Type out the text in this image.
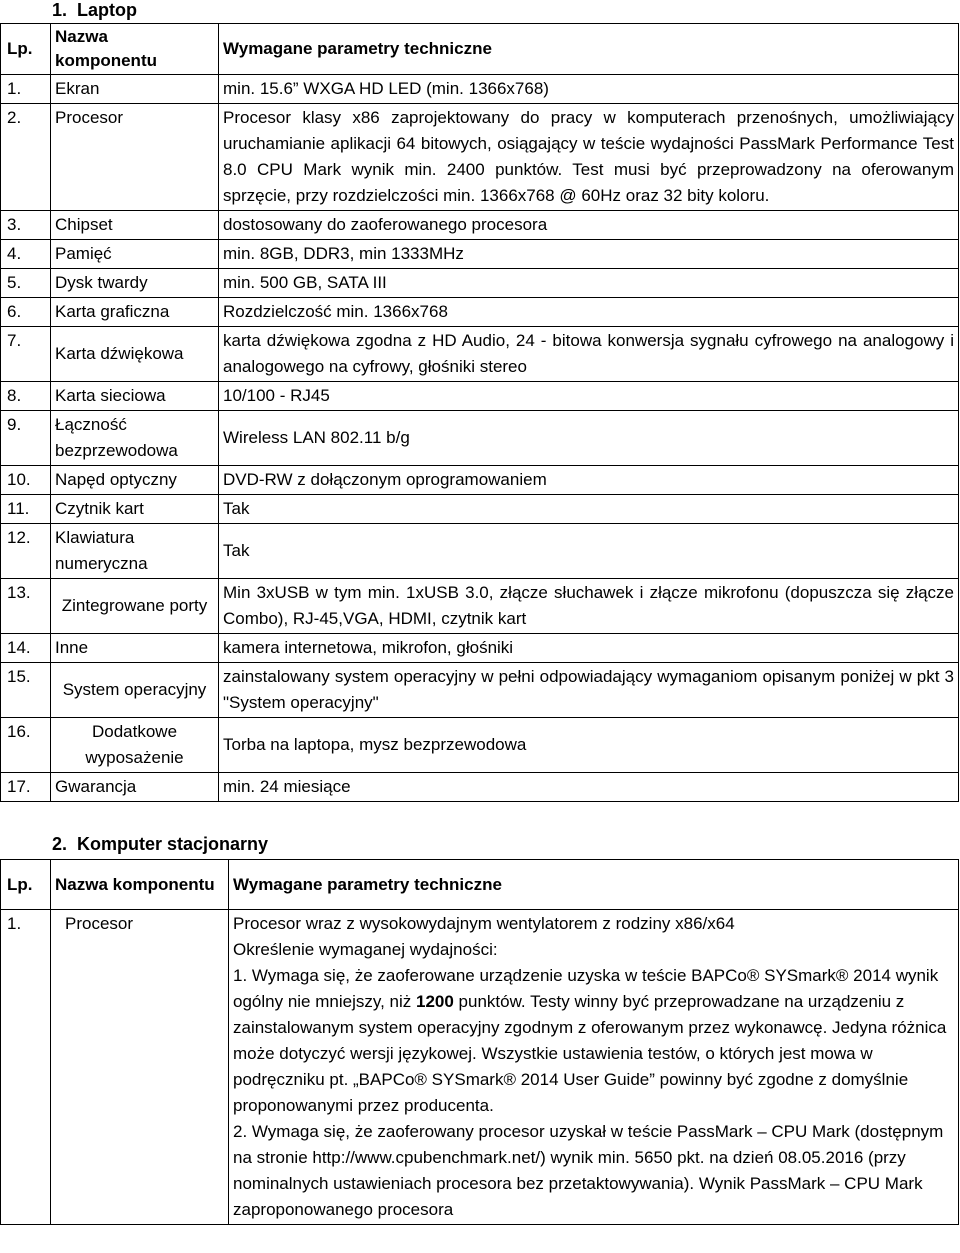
1.  Laptop
Lp.	Nazwa komponentu	Wymagane parametry techniczne
1.	Ekran	min. 15.6” WXGA HD LED (min. 1366x768)
2.	Procesor	Procesor klasy x86 zaprojektowany do pracy w komputerach przenośnych, umożliwiający uruchamianie aplikacji 64 bitowych, osiągający w teście wydajności PassMark Performance Test 8.0 CPU Mark wynik min. 2400 punktów. Test musi być przeprowadzony na oferowanym sprzęcie, przy rozdzielczości min. 1366x768 @ 60Hz oraz 32 bity koloru.
3.	Chipset	dostosowany do zaoferowanego procesora
4.	Pamięć	min. 8GB, DDR3, min 1333MHz
5.	Dysk twardy	min. 500 GB, SATA III
6.	Karta graficzna	Rozdzielczość min. 1366x768
7.	Karta dźwiękowa	karta dźwiękowa zgodna z HD Audio, 24 - bitowa konwersja sygnału cyfrowego na analogowy i analogowego na cyfrowy, głośniki stereo
8.	Karta sieciowa	10/100 - RJ45
9.	Łączność bezprzewodowa	Wireless LAN 802.11 b/g
10.	Napęd optyczny	DVD-RW z dołączonym oprogramowaniem
11.	Czytnik kart	Tak
12.	Klawiatura numeryczna	Tak
13.	Zintegrowane porty	Min 3xUSB w tym min. 1xUSB 3.0, złącze słuchawek i złącze mikrofonu (dopuszcza się złącze Combo), RJ-45,VGA, HDMI, czytnik kart
14.	Inne	kamera internetowa, mikrofon, głośniki
15.	System operacyjny	zainstalowany system operacyjny w pełni odpowiadający wymaganiom opisanym poniżej w pkt 3 "System operacyjny"
16.	Dodatkowe wyposażenie	Torba na laptopa, mysz bezprzewodowa
17.	Gwarancja	min. 24 miesiące
2.  Komputer stacjonarny
Lp.	Nazwa komponentu	Wymagane parametry techniczne
1.	Procesor	Procesor wraz z wysokowydajnym wentylatorem z rodziny x86/x64
Określenie wymaganej wydajności:
1. Wymaga się, że zaoferowane urządzenie uzyska w teście BAPCo® SYSmark® 2014 wynik ogólny nie mniejszy, niż 1200 punktów. Testy winny być przeprowadzane na urządzeniu z zainstalowanym system operacyjny zgodnym z oferowanym przez wykonawcę. Jedyna różnica może dotyczyć wersji językowej. Wszystkie ustawienia testów, o których jest mowa w podręczniku pt. „BAPCo® SYSmark® 2014 User Guide” powinny być zgodne z domyślnie proponowanymi przez producenta.
2. Wymaga się, że zaoferowany procesor uzyskał w teście PassMark – CPU Mark (dostępnym na stronie http://www.cpubenchmark.net/) wynik min. 5650 pkt. na dzień 08.05.2016 (przy nominalnych ustawieniach procesora bez przetaktowywania). Wynik PassMark – CPU Mark zaproponowanego procesora
